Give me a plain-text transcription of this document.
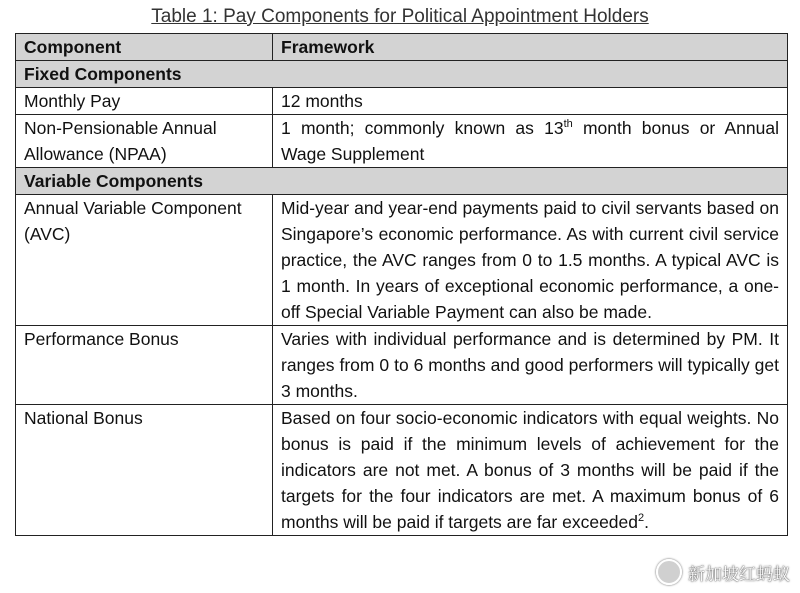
Table 1: Pay Components for Political Appointment Holders
Component	Framework
Fixed Components	
Monthly Pay	12 months
Non-Pensionable Annual Allowance (NPAA)	1 month; commonly known as 13th month bonus or Annual Wage Supplement
Variable Components	
Annual Variable Component (AVC)	Mid-year and year-end payments paid to civil servants based on Singapore’s economic performance. As with current civil service practice, the AVC ranges from 0 to 1.5 months. A typical AVC is 1 month. In years of exceptional economic performance, a one-off Special Variable Payment can also be made.
Performance Bonus	Varies with individual performance and is determined by PM. It ranges from 0 to 6 months and good performers will typically get 3 months.
National Bonus	Based on four socio-economic indicators with equal weights. No bonus is paid if the minimum levels of achievement for the indicators are not met. A bonus of 3 months will be paid if the targets for the four indicators are met. A maximum bonus of 6 months will be paid if targets are far exceeded$^2$.
新加坡红蚂蚁
